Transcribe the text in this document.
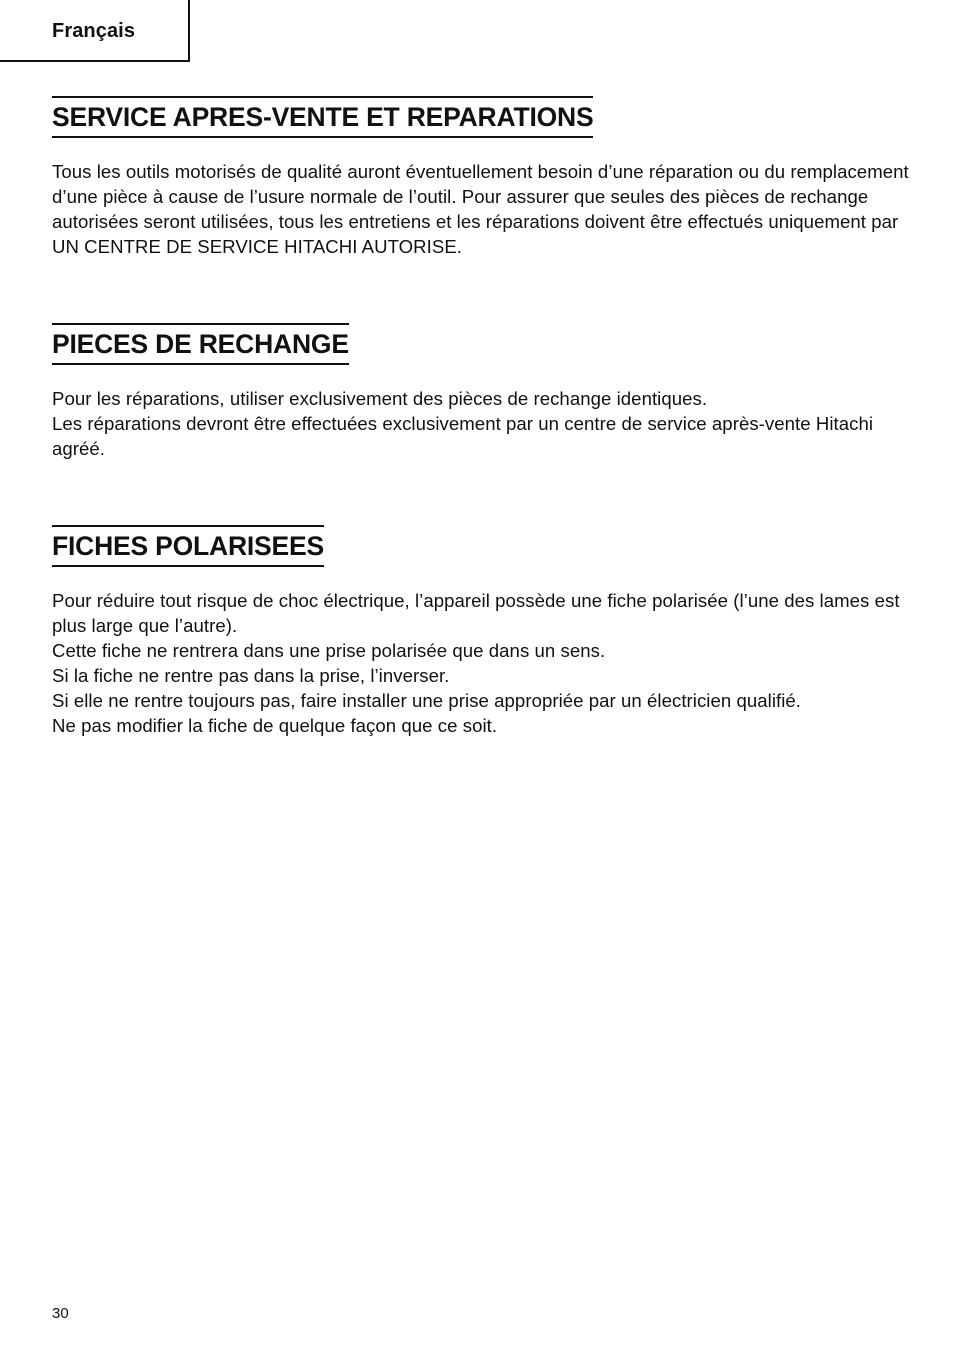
Français
SERVICE APRES-VENTE ET REPARATIONS

Tous les outils motorisés de qualité auront éventuellement besoin d’une réparation ou du remplacement d’une pièce à cause de l’usure normale de l’outil. Pour assurer que seules des pièces de rechange autorisées seront utilisées, tous les entretiens et les réparations doivent être effectués uniquement par UN CENTRE DE SERVICE HITACHI AUTORISE.

PIECES DE RECHANGE

Pour les réparations, utiliser exclusivement des pièces de rechange identiques.

Les réparations devront être effectuées exclusivement par un centre de service après-vente Hitachi agréé.

FICHES POLARISEES

Pour réduire tout risque de choc électrique, l’appareil possède une fiche polarisée (l’une des lames est plus large que l’autre).

Cette fiche ne rentrera dans une prise polarisée que dans un sens.

Si la fiche ne rentre pas dans la prise, l’inverser.

Si elle ne rentre toujours pas, faire installer une prise appropriée par un électricien qualifié.

Ne pas modifier la fiche de quelque façon que ce soit.

30
